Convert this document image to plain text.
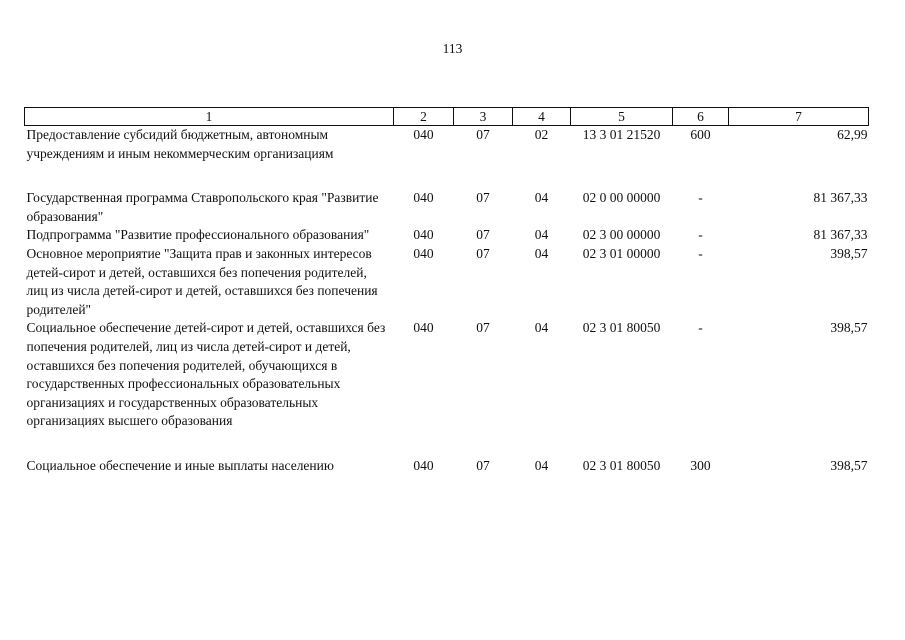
113
1	2	3	4	5	6	7
Предоставление субсидий бюджетным, автономным учреждениям и иным некоммерческим организациям	040	07	02	13 3 01 21520	600	62,99
Государственная программа Ставропольского края "Развитие образования"	040	07	04	02 0 00 00000	-	81 367,33
Подпрограмма "Развитие профессионального образования"	040	07	04	02 3 00 00000	-	81 367,33
Основное мероприятие "Защита прав и законных интересов детей-сирот и детей, оставшихся без попечения родителей, лиц из числа детей-сирот и детей, оставшихся без попечения родителей"	040	07	04	02 3 01 00000	-	398,57
Социальное обеспечение детей-сирот и детей, оставшихся без попечения родителей, лиц из числа детей-сирот и детей, оставшихся без попечения родителей, обучающихся в государственных профессиональных образовательных организациях и государственных образовательных организациях высшего образования	040	07	04	02 3 01 80050	-	398,57
Социальное обеспечение и иные выплаты населению	040	07	04	02 3 01 80050	300	398,57
